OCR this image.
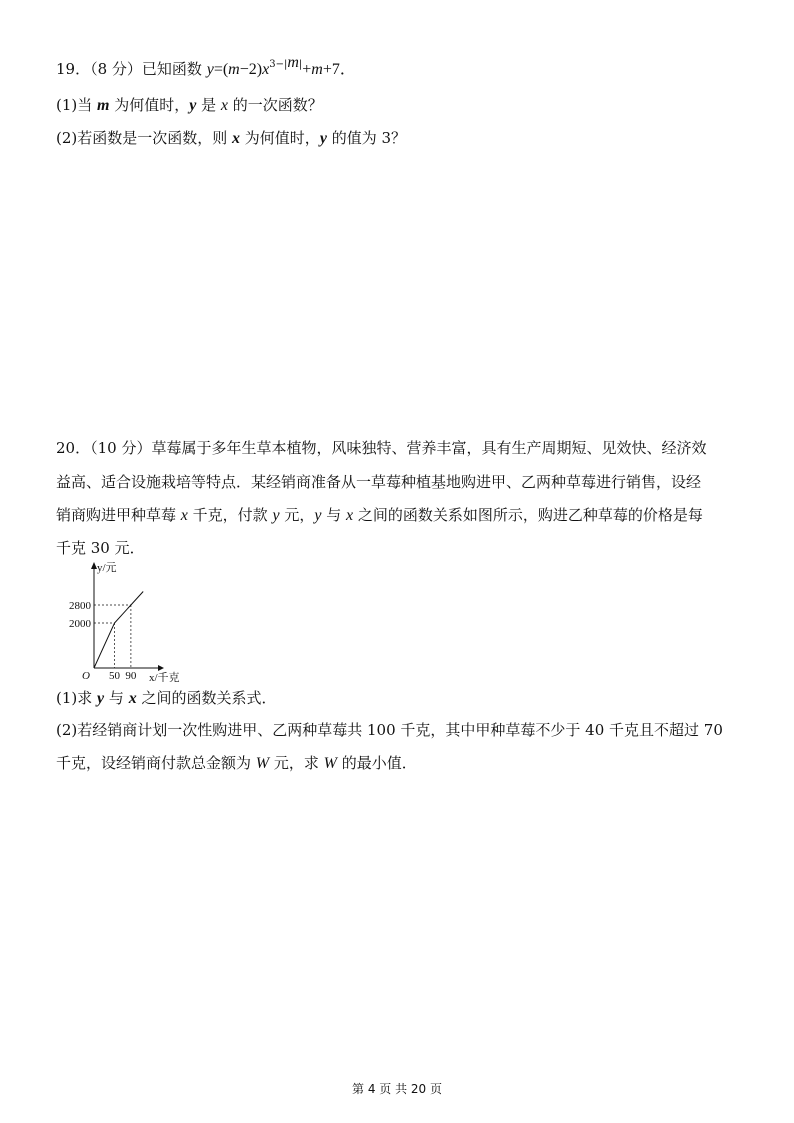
19．（8 分）已知函数 $y=(m-2)x^{3-|m|}+m+7$．
(1)当 m 为何值时，y 是 x 的一次函数？
(2)若函数是一次函数，则 x 为何值时，y 的值为 3？
20．（10 分）草莓属于多年生草本植物，风味独特、营养丰富，具有生产周期短、见效快、经济效
益高、适合设施栽培等特点．某经销商准备从一草莓种植基地购进甲、乙两种草莓进行销售，设经
销商购进甲种草莓 x 千克，付款 y 元，y 与 x 之间的函数关系如图所示，购进乙种草莓的价格是每
千克 30 元．
2000
2800
50 90
y/元
x/千克
O
(1)求 y 与 x 之间的函数关系式．
(2)若经销商计划一次性购进甲、乙两种草莓共 100 千克，其中甲种草莓不少于 40 千克且不超过 70
千克，设经销商付款总金额为 W 元，求 W 的最小值．
第 4 页 共 20 页
